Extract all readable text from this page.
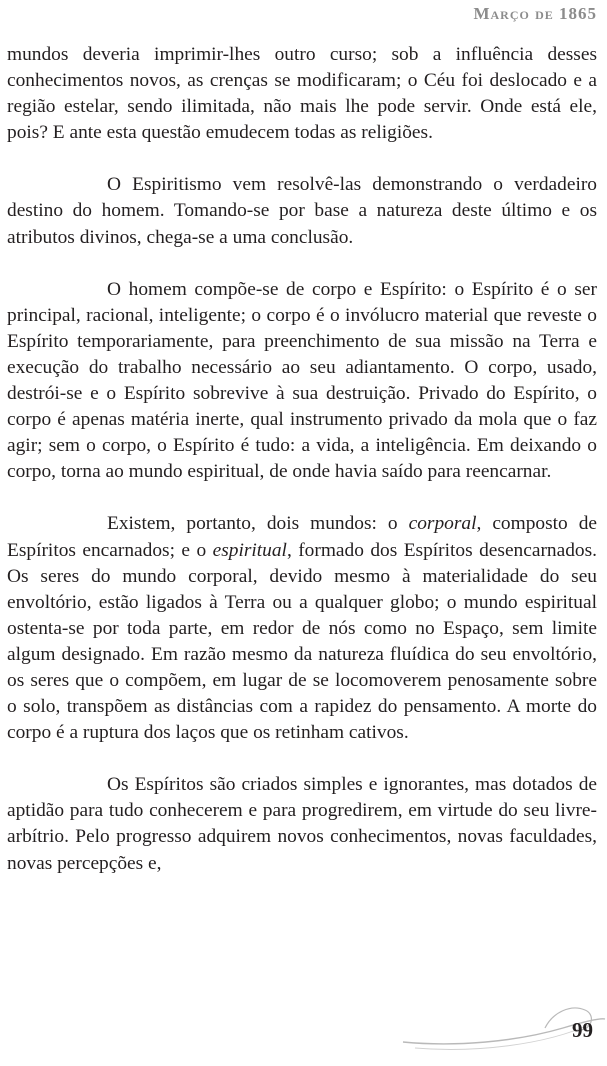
Março de 1865

mundos deveria imprimir-lhes outro curso; sob a influência desses conhecimentos novos, as crenças se modificaram; o Céu foi deslocado e a região estelar, sendo ilimitada, não mais lhe pode servir. Onde está ele, pois? E ante esta questão emudecem todas as religiões.

O Espiritismo vem resolvê-las demonstrando o verdadeiro destino do homem. Tomando-se por base a natureza deste último e os atributos divinos, chega-se a uma conclusão.

O homem compõe-se de corpo e Espírito: o Espírito é o ser principal, racional, inteligente; o corpo é o invólucro material que reveste o Espírito temporariamente, para preenchimento de sua missão na Terra e execução do trabalho necessário ao seu adiantamento. O corpo, usado, destrói-se e o Espírito sobrevive à sua destruição. Privado do Espírito, o corpo é apenas matéria inerte, qual instrumento privado da mola que o faz agir; sem o corpo, o Espírito é tudo: a vida, a inteligência. Em deixando o corpo, torna ao mundo espiritual, de onde havia saído para reencarnar.

Existem, portanto, dois mundos: o corporal, composto de Espíritos encarnados; e o espiritual, formado dos Espíritos desencarnados. Os seres do mundo corporal, devido mesmo à materialidade do seu envoltório, estão ligados à Terra ou a qualquer globo; o mundo espiritual ostenta-se por toda parte, em redor de nós como no Espaço, sem limite algum designado. Em razão mesmo da natureza fluídica do seu envoltório, os seres que o compõem, em lugar de se locomoverem penosamente sobre o solo, transpõem as distâncias com a rapidez do pensamento. A morte do corpo é a ruptura dos laços que os retinham cativos.

Os Espíritos são criados simples e ignorantes, mas dotados de aptidão para tudo conhecerem e para progredirem, em virtude do seu livre-arbítrio. Pelo progresso adquirem novos conhecimentos, novas faculdades, novas percepções e,

99
